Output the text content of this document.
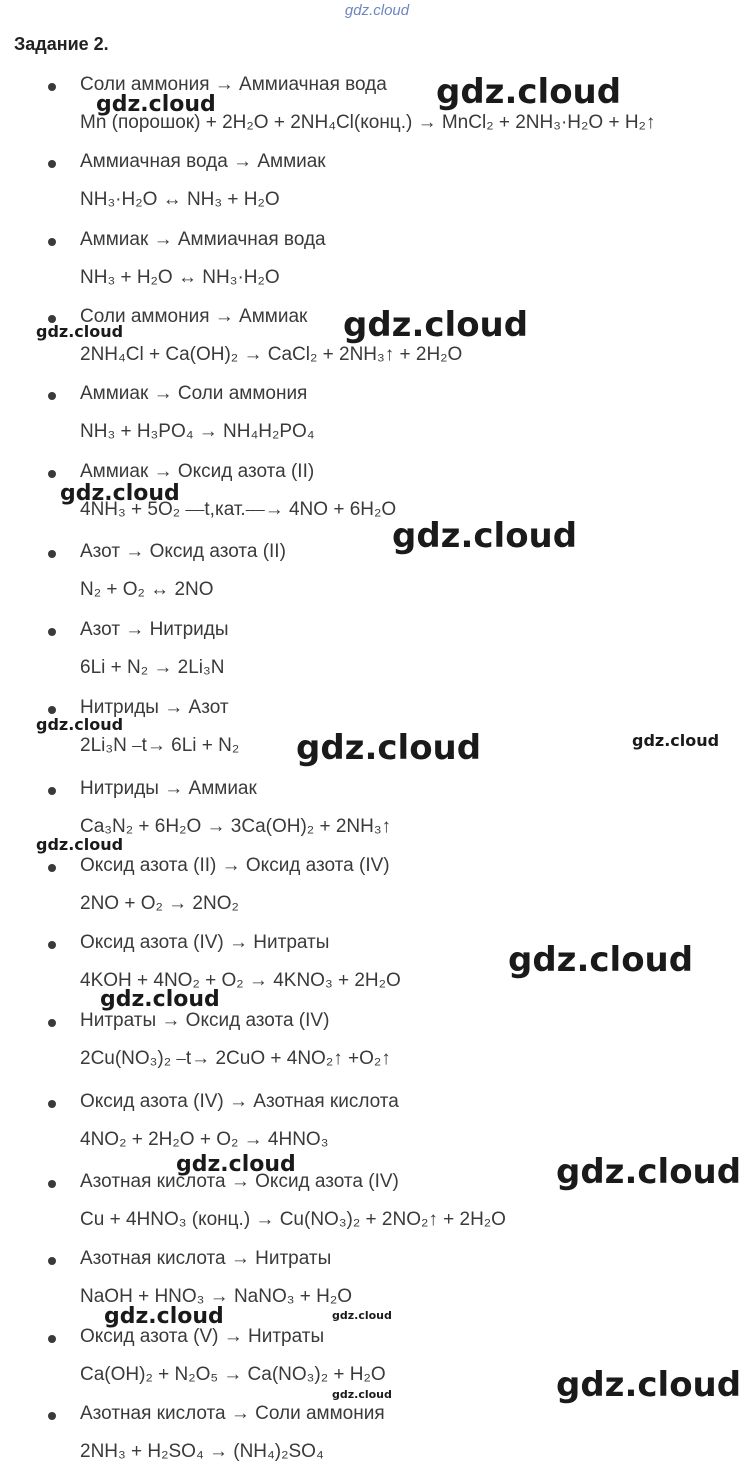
gdz.cloud
Задание 2.
Соли аммония → Аммиачная вода
Mn (порошок) + 2H₂O + 2NH₄Cl(конц.) → MnCl₂ + 2NH₃·H₂O + H₂↑
Аммиачная вода → Аммиак
NH₃·H₂O ↔ NH₃ + H₂O
Аммиак → Аммиачная вода
NH₃ + H₂O ↔ NH₃·H₂O
Соли аммония → Аммиак
2NH₄Cl + Ca(OH)₂ → CaCl₂ + 2NH₃↑ + 2H₂O
Аммиак → Соли аммония
NH₃ + H₃PO₄ → NH₄H₂PO₄
Аммиак → Оксид азота (II)
4NH₃ + 5O₂ ⎯⎯t,кат.⎯⎯→ 4NO + 6H₂O
Азот → Оксид азота (II)
N₂ + O₂ ↔ 2NO
Азот → Нитриды
6Li + N₂ → 2Li₃N
Нитриды → Азот
2Li₃N ⎯t→ 6Li + N₂
Нитриды → Аммиак
Ca₃N₂ + 6H₂O → 3Ca(OH)₂ + 2NH₃↑
Оксид азота (II) → Оксид азота (IV)
2NO + O₂ → 2NO₂
Оксид азота (IV) → Нитраты
4KOH + 4NO₂ + O₂ → 4KNO₃ + 2H₂O
Нитраты → Оксид азота (IV)
2Cu(NO₃)₂ ⎯t→ 2CuO + 4NO₂↑ +O₂↑
Оксид азота (IV) → Азотная кислота
4NO₂ + 2H₂O + O₂ → 4HNO₃
Азотная кислота → Оксид азота (IV)
Cu + 4HNO₃ (конц.) → Cu(NO₃)₂ + 2NO₂↑ + 2H₂O
Азотная кислота → Нитраты
NaOH + HNO₃ → NaNO₃ + H₂O
Оксид азота (V) → Нитраты
Ca(OH)₂ + N₂O₅ → Ca(NO₃)₂ + H₂O
Азотная кислота → Соли аммония
2NH₃ + H₂SO₄ → (NH₄)₂SO₄
gdz.cloud
gdz.cloud
gdz.cloud
gdz.cloud
gdz.cloud
gdz.cloud
gdz.cloud
gdz.cloud	gdz.cloud
gdz.cloud
gdz.cloud
gdz.cloud
gdz.cloud	gdz.cloud
gdz.cloud	gdz.cloud
gdz.cloud	gdz.cloud
